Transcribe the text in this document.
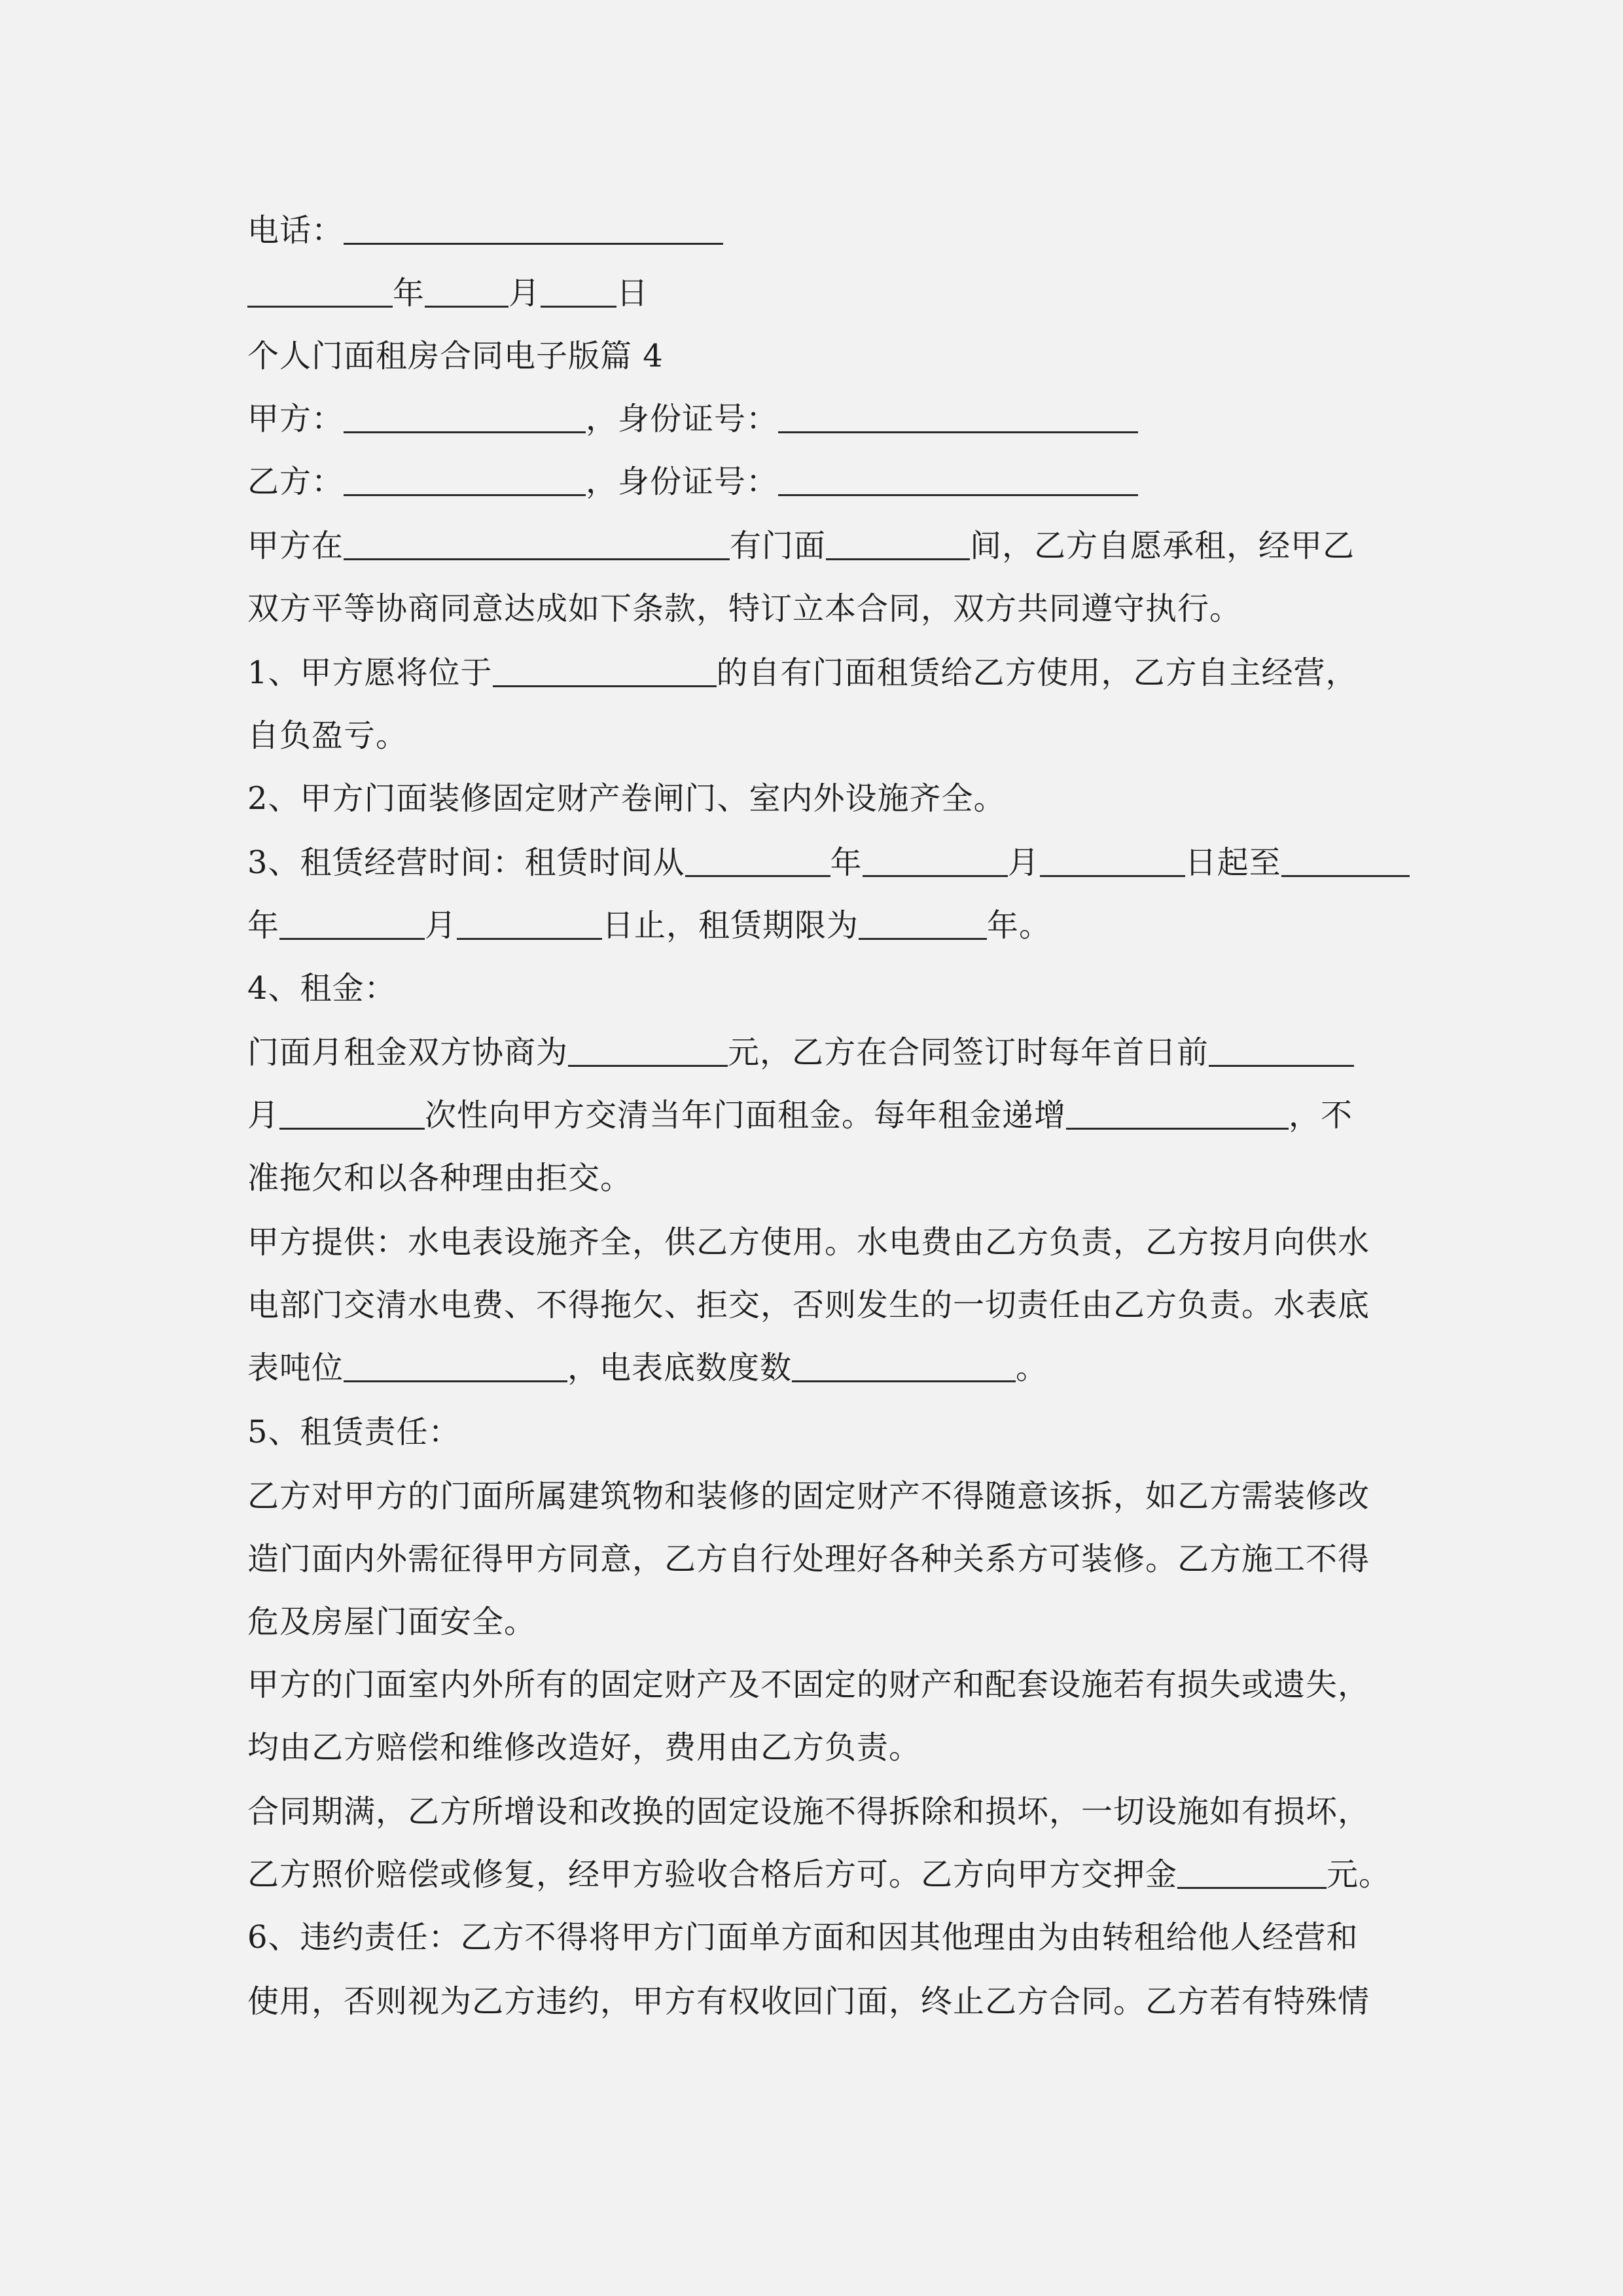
电话：
年	月 日
个人门面租房合同电子版篇 4
甲方：	，身份证号：
乙方：	，身份证号：
甲方在	有门面	间，乙方自愿承租，经甲乙
双方平等协商同意达成如下条款，特订立本合同，双方共同遵守执行。
1、甲方愿将位于	的自有门面租赁给乙方使用，乙方自主经营，
自负盈亏。
2、甲方门面装修固定财产卷闸门、室内外设施齐全。
3、租赁经营时间：租赁时间从	年	月	日起至
年	月	日止，租赁期限为	年。
4、租金：
门面月租金双方协商为	元，乙方在合同签订时每年首日前
月	次性向甲方交清当年门面租金。每年租金递增	，不
准拖欠和以各种理由拒交。
甲方提供：水电表设施齐全，供乙方使用。水电费由乙方负责，乙方按月向供水
电部门交清水电费、不得拖欠、拒交，否则发生的一切责任由乙方负责。水表底
表吨位	，电表底数度数	。
5、租赁责任：
乙方对甲方的门面所属建筑物和装修的固定财产不得随意该拆，如乙方需装修改
造门面内外需征得甲方同意，乙方自行处理好各种关系方可装修。乙方施工不得
危及房屋门面安全。
甲方的门面室内外所有的固定财产及不固定的财产和配套设施若有损失或遗失，
均由乙方赔偿和维修改造好，费用由乙方负责。
合同期满，乙方所增设和改换的固定设施不得拆除和损坏，一切设施如有损坏，
乙方照价赔偿或修复，经甲方验收合格后方可。乙方向甲方交押金	元。
6、违约责任：乙方不得将甲方门面单方面和因其他理由为由转租给他人经营和
使用，否则视为乙方违约，甲方有权收回门面，终止乙方合同。乙方若有特殊情
